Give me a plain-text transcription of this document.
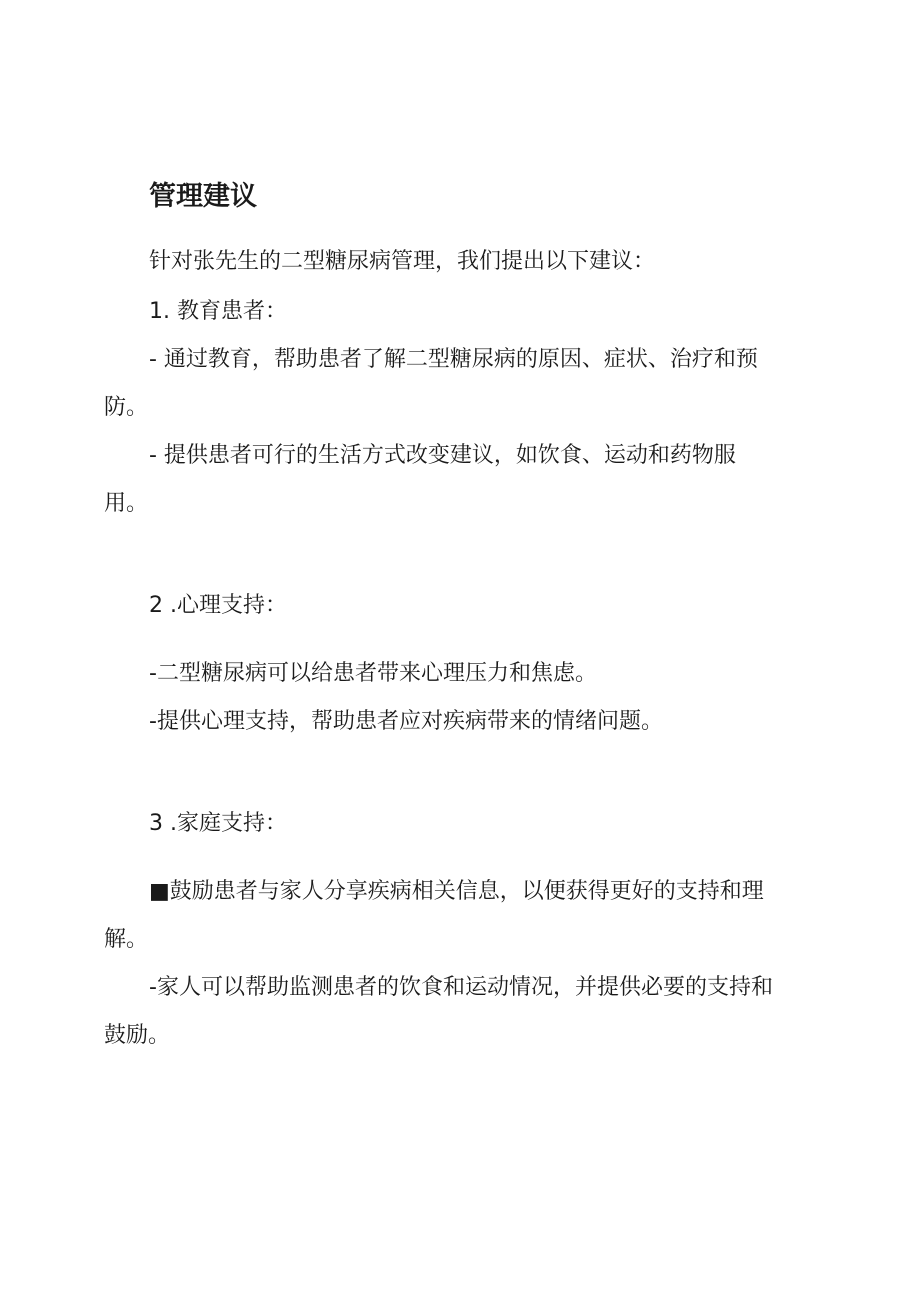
管理建议
针对张先生的二型糖尿病管理，我们提出以下建议：
1. 教育患者：
- 通过教育，帮助患者了解二型糖尿病的原因、症状、治疗和预
防。
- 提供患者可行的生活方式改变建议，如饮食、运动和药物服
用。
2 .心理支持：
-二型糖尿病可以给患者带来心理压力和焦虑。
-提供心理支持，帮助患者应对疾病带来的情绪问题。
3 .家庭支持：
■鼓励患者与家人分享疾病相关信息，以便获得更好的支持和理
解。
-家人可以帮助监测患者的饮食和运动情况，并提供必要的支持和
鼓励。
